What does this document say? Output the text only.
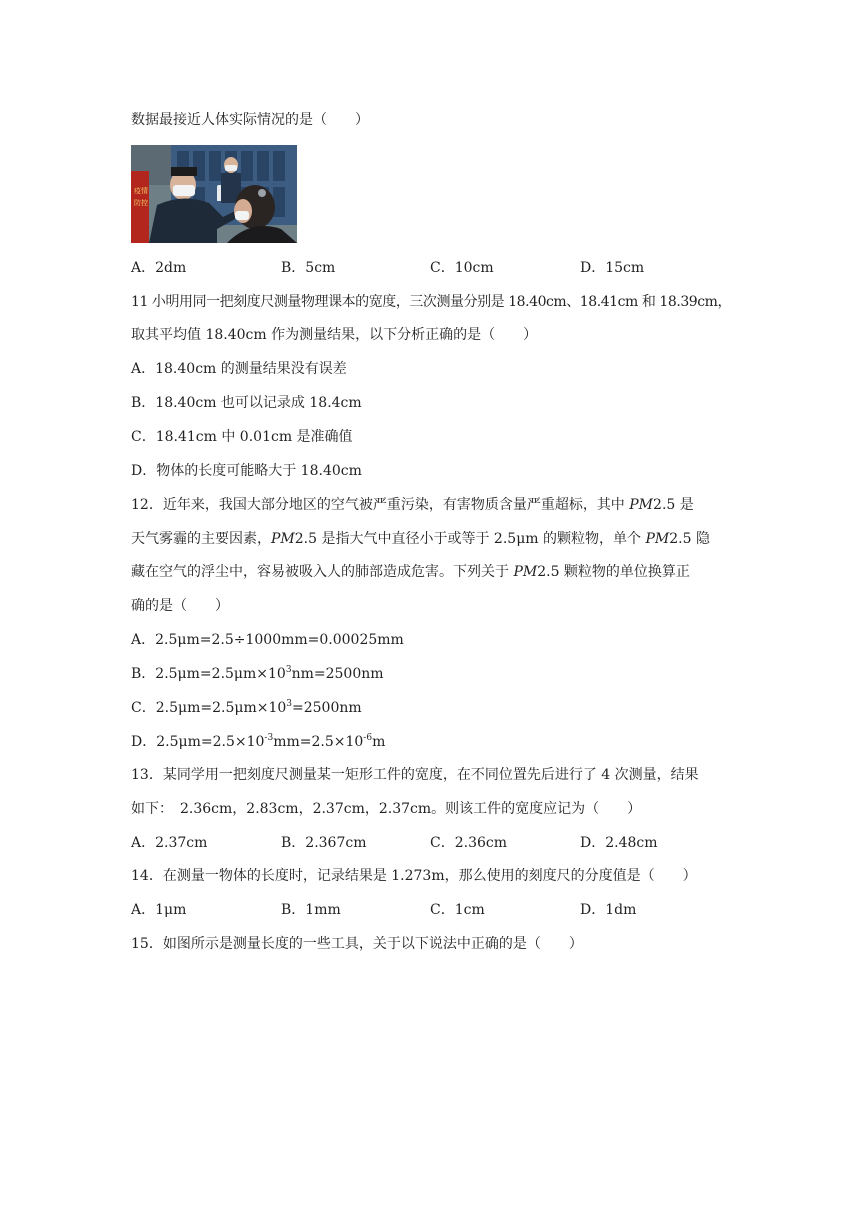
数据最接近人体实际情况的是（　　）
疫情
防控
A．2dm	B．5cm	C．10cm	D．15cm
11 小明用同一把刻度尺测量物理课本的宽度，三次测量分别是 18.40cm、18.41cm 和 18.39cm，
取其平均值 18.40cm 作为测量结果，以下分析正确的是（　　）
A．18.40cm 的测量结果没有误差
B．18.40cm 也可以记录成 18.4cm
C．18.41cm 中 0.01cm 是准确值
D．物体的长度可能略大于 18.40cm
12．近年来，我国大部分地区的空气被严重污染，有害物质含量严重超标，其中 PM2.5 是
天气雾霾的主要因素，PM2.5 是指大气中直径小于或等于 2.5μm 的颗粒物，单个 PM2.5 隐
藏在空气的浮尘中，容易被吸入人的肺部造成危害。下列关于 PM2.5 颗粒物的单位换算正
确的是（　　）
A．2.5μm=2.5÷1000mm=0.00025mm
B．$2.5\mu m=2.5\mu m\times 10^3nm=2500nm$
C．$2.5\mu m=2.5\mu m\times 10^3=2500nm$
D．$2.5\mu m=2.5\times 10^{-3}mm=2.5\times 10^{-6}m$
13．某同学用一把刻度尺测量某一矩形工件的宽度，在不同位置先后进行了 4 次测量，结果
如下：　2.36cm，2.83cm，2.37cm，2.37cm。则该工件的宽度应记为（　　）
A．2.37cm	B．2.367cm	C．2.36cm	D．2.48cm
14．在测量一物体的长度时，记录结果是 1.273m，那么使用的刻度尺的分度值是（　　）
A．1μm	B．1mm	C．1cm	D．1dm
15．如图所示是测量长度的一些工具，关于以下说法中正确的是（　　）
